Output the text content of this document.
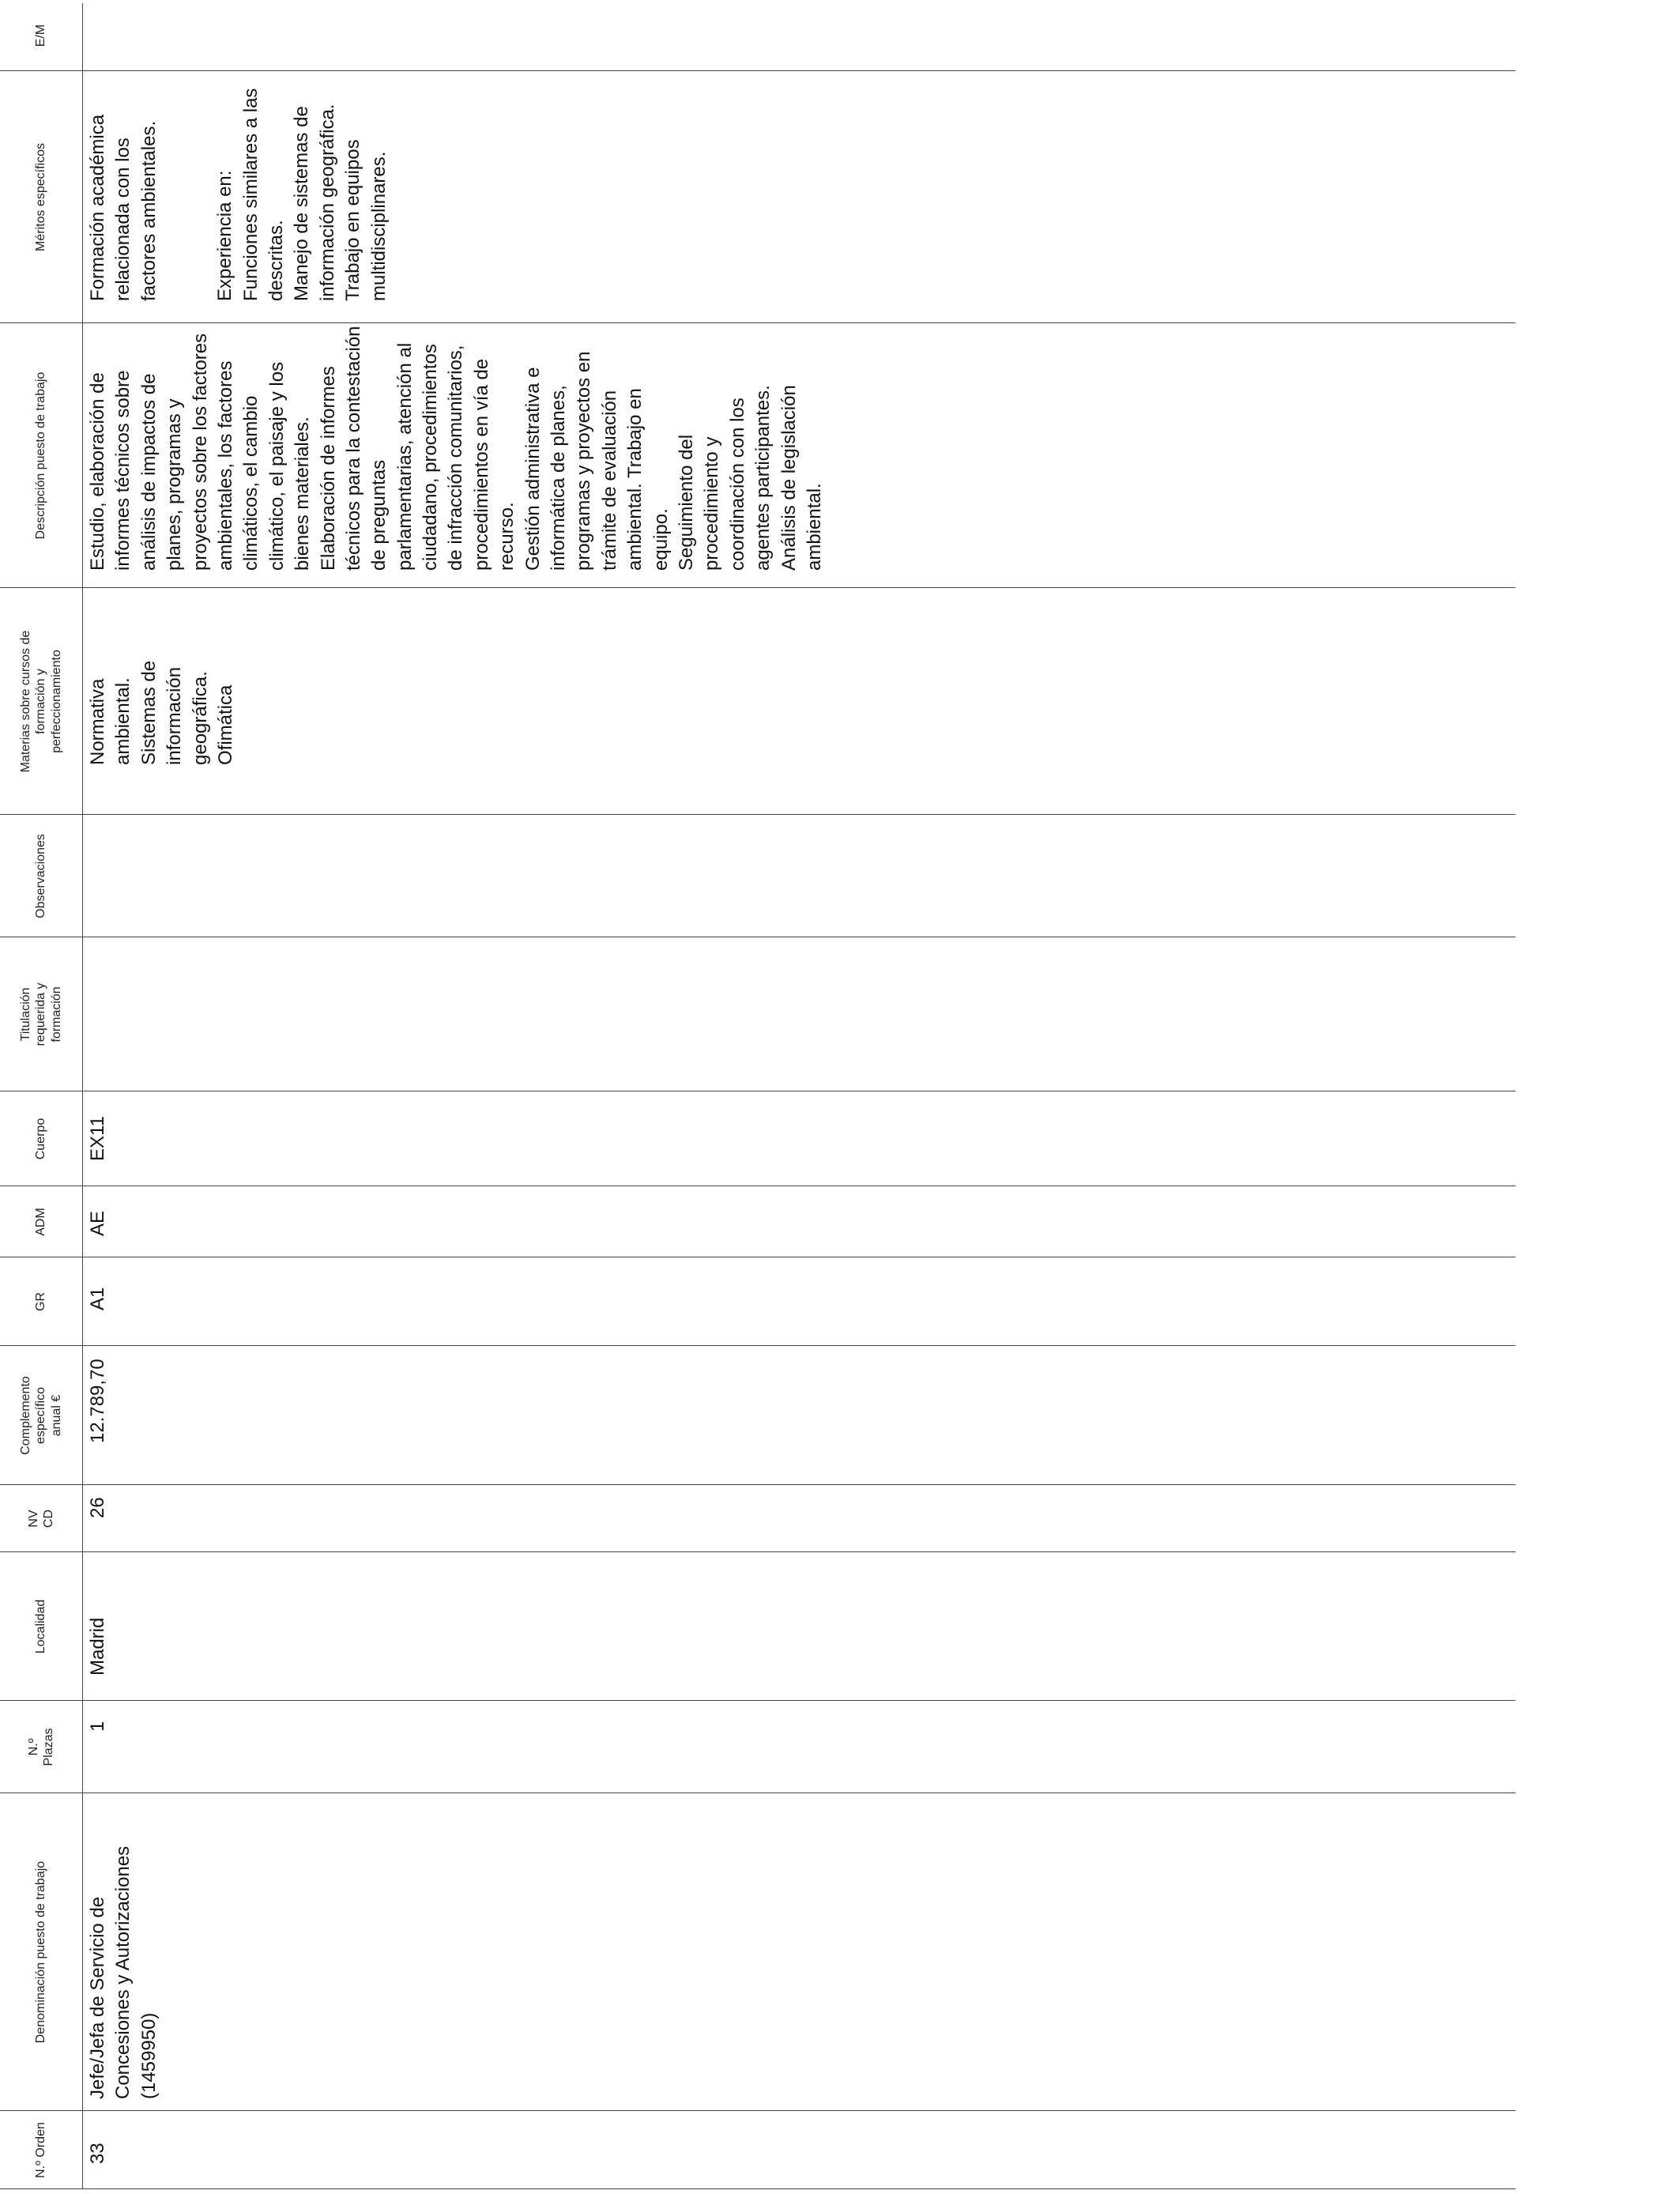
N.º Orden
Denominación puesto de trabajo
N.º Plazas
Localidad
NV CD
Complemento específico anual €
GR
ADM
Cuerpo
Titulación requerida y formación
Observaciones
Materias sobre cursos de formación y perfeccionamiento
Descripción puesto de trabajo
Méritos específicos
E/M
33
Jefe/Jefa de Servicio de Concesiones y Autorizaciones (1459950)
1
Madrid
26
12.789,70
A1
AE
EX11

Normativa ambiental. Sistemas de información geográfica. Ofimática

Estudio, elaboración de informes técnicos sobre análisis de impactos de planes, programas y proyectos sobre los factores ambientales, los factores climáticos, el cambio climático, el paisaje y los bienes materiales. Elaboración de informes técnicos para la contestación de preguntas parlamentarias, atención al ciudadano, procedimientos de infracción comunitarios, procedimientos en vía de recurso. Gestión administrativa e informática de planes, programas y proyectos en trámite de evaluación ambiental. Trabajo en equipo. Seguimiento del procedimiento y coordinación con los agentes participantes. Análisis de legislación ambiental.

Formación académica relacionada con los factores ambientales.	Experiencia en: Funciones similares a las descritas. Manejo de sistemas de información geográfica. Trabajo en equipos multidisciplinares.
